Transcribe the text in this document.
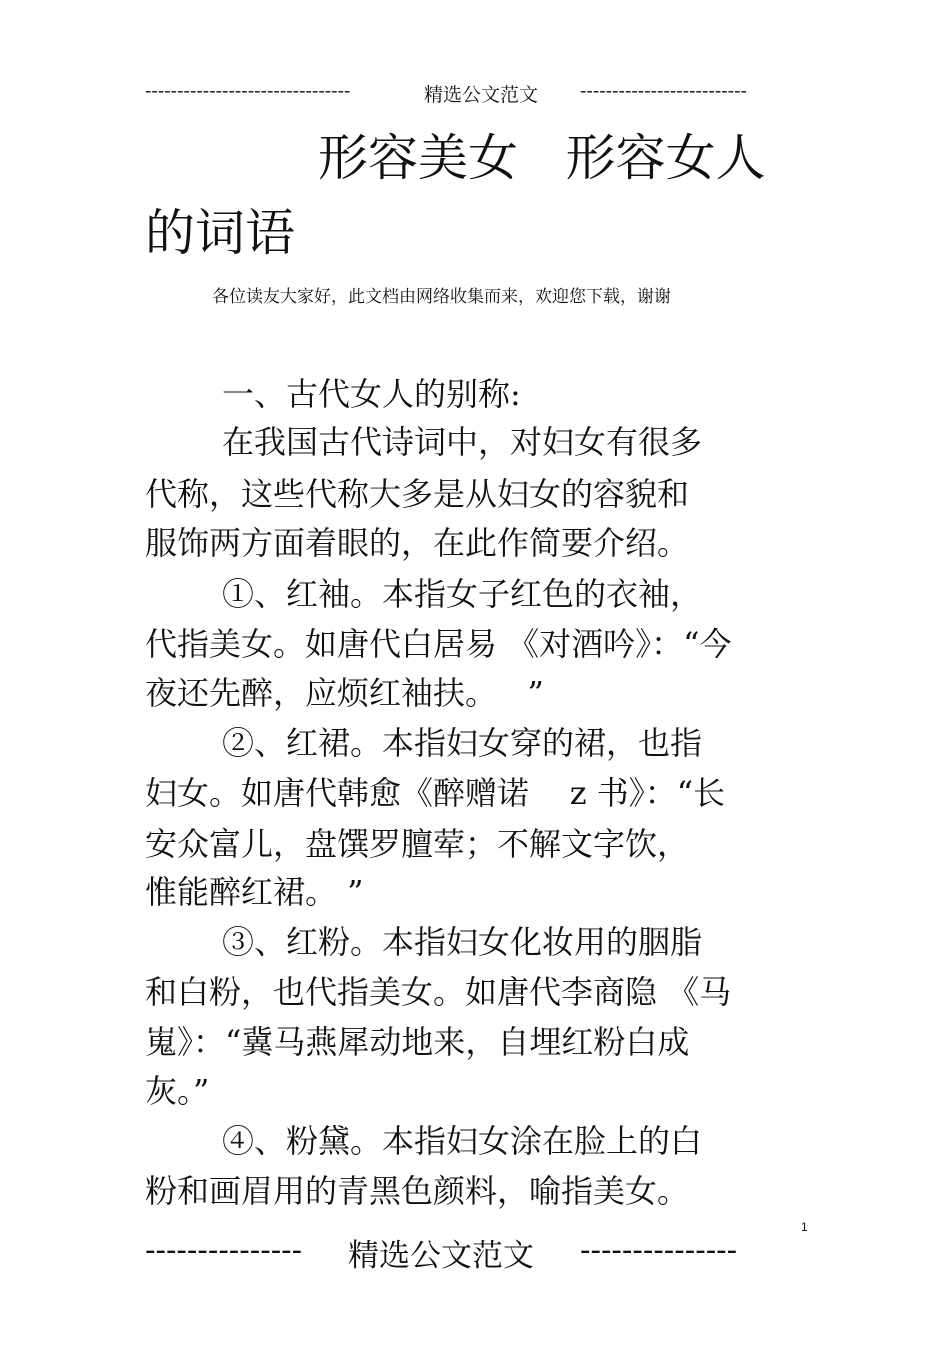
--------------------------------	精选公文范文 --------------------------
形容美女   形容女人
的词语
各位读友大家好，此文档由网络收集而来，欢迎您下载，谢谢
一、古代女人的别称:
在我国古代诗词中，对妇女有很多
代称，这些代称大多是从妇女的容貌和
服饰两方面着眼的，在此作简要介绍。
①、红袖。本指女子红色的衣袖，
代指美女。如唐代白居易 《对酒吟》：“今
夜还先醉，应烦红袖扶。   ”
②、红裙。本指妇女穿的裙，也指
妇女。如唐代韩愈《醉赠诺    z 书》：“长
安众富儿，盘馔罗膻荤；不解文字饮，
惟能醉红裙。 ”
③、红粉。本指妇女化妆用的胭脂
和白粉，也代指美女。如唐代李商隐 《马
嵬》：“冀马燕犀动地来，自埋红粉白成
灰。”
④、粉黛。本指妇女涂在脸上的白
粉和画眉用的青黑色颜料，喻指美女。
1
--------------- 精选公文范文 ---------------
